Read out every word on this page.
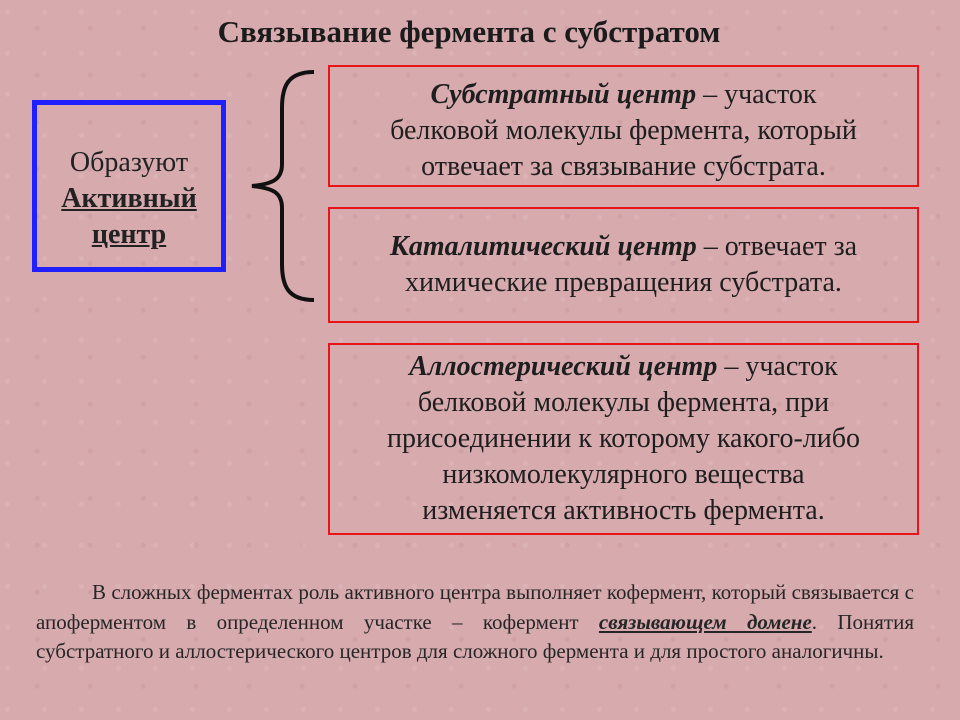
Связывание фермента с субстратом
Образуют
Активный
центр
Субстратный центр – участок
белковой молекулы фермента, который
отвечает за связывание субстрата.
Каталитический центр – отвечает за
химические превращения субстрата.
Аллостерический центр – участок
белковой молекулы фермента, при
присоединении к которому какого-либо
низкомолекулярного вещества
изменяется активность фермента.
В сложных ферментах роль активного центра выполняет кофермент, который связывается с апоферментом в определенном участке – кофермент связывающем домене. Понятия субстратного и аллостерического центров для сложного фермента и для простого аналогичны.
